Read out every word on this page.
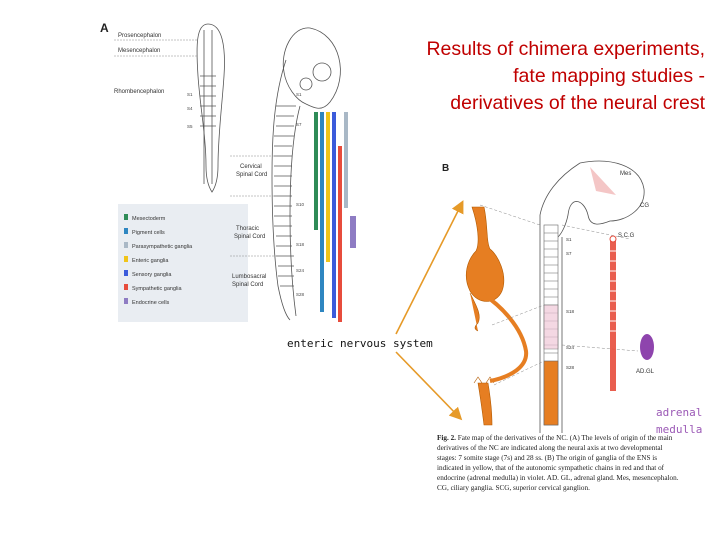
Results of chimera experiments,
fate mapping studies -
derivatives of the neural crest
A
Prosencephalon
Mesencephalon
Rhombencephalon	S1
S4
S5
S1
S7
S10
S18
S24
S28
Cervical
Spinal Cord
Thoracic
Spinal Cord
Lumbosacral
Spinal Cord
Mesectoderm
Pigment cells
Parasympathetic ganglia
Enteric ganglia
Sensory ganglia
Sympathetic ganglia
Endocrine cells
B	Mes
CG
S.C.G
AD.GL
S1
S7
S18
S24
S28
enteric nervous system
adrenal
medulla
Fig. 2. Fate map of the derivatives of the NC. (A) The levels of origin of the main derivatives of the NC are indicated along the neural axis at two developmental stages: 7 somite stage (7s) and 28 ss. (B) The origin of ganglia of the ENS is indicated in yellow, that of the autonomic sympathetic chains in red and that of endocrine (adrenal medulla) in violet. AD. GL, adrenal gland. Mes, mesencephalon. CG, ciliary ganglia. SCG, superior cervical ganglion.
